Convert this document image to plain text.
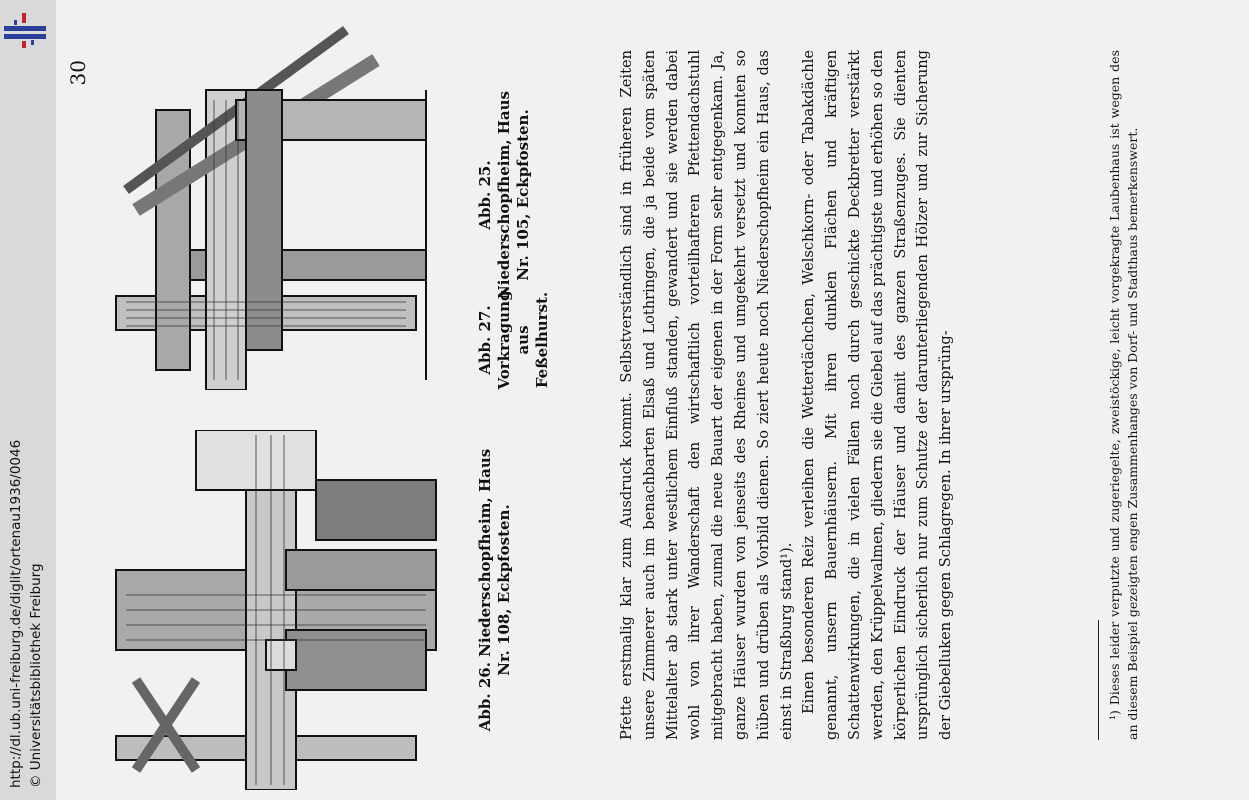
http://dl.ub.uni-freiburg.de/diglit/ortenau1936/0046 © Universitätsbibliothek Freiburg
30
Abb. 25. Niederschopfheim, Haus Nr. 105, Eckpfosten.
Abb. 26. Niederschopfheim, Haus Nr. 108, Eckpfosten.
Abb. 27. Vorkragung aus Feßelhurst.	Pfette erstmalig klar zum Ausdruck kommt. Selbstverständlich sind in früheren Zeiten unsere Zimmerer auch im benachbarten Elsaß und Lothringen, die ja beide vom späten Mittelalter ab stark unter westlichem Einfluß standen, gewandert und sie werden dabei wohl von ihrer Wanderschaft den wirtschaftlich vorteilhafteren Pfettendachstuhl mitgebracht haben, zumal die neue Bauart der eigenen in der Form sehr entgegenkam. Ja, ganze Häuser wurden von jenseits des Rheines und umgekehrt versetzt und konnten so hüben und drüben als Vorbild dienen. So ziert heute noch Niederschopfheim ein Haus, das einst in Straßburg stand¹). Einen besonderen Reiz verleihen die Wetterdächchen, Welschkorn- oder Tabakdächle genannt, unsern Bauernhäusern. Mit ihren dunklen Flächen und kräftigen Schattenwirkungen, die in vielen Fällen noch durch geschickte Deckbretter verstärkt werden, den Krüppelwalmen, gliedern sie die Giebel auf das prächtigste und erhöhen so den körperlichen Eindruck der Häuser und damit des ganzen Straßenzuges. Sie dienten ursprünglich sicherlich nur zum Schutze der darunterliegenden Hölzer und zur Sicherung der Giebelluken gegen Schlagregen. In ihrer ursprüng-	¹) Dieses leider verputzte und zugeriegelte, zweistöckige, leicht vorgekragte Laubenhaus ist wegen des an diesem Beispiel gezeigten engen Zusammenhanges von Dorf- und Stadthaus bemerkenswert.
